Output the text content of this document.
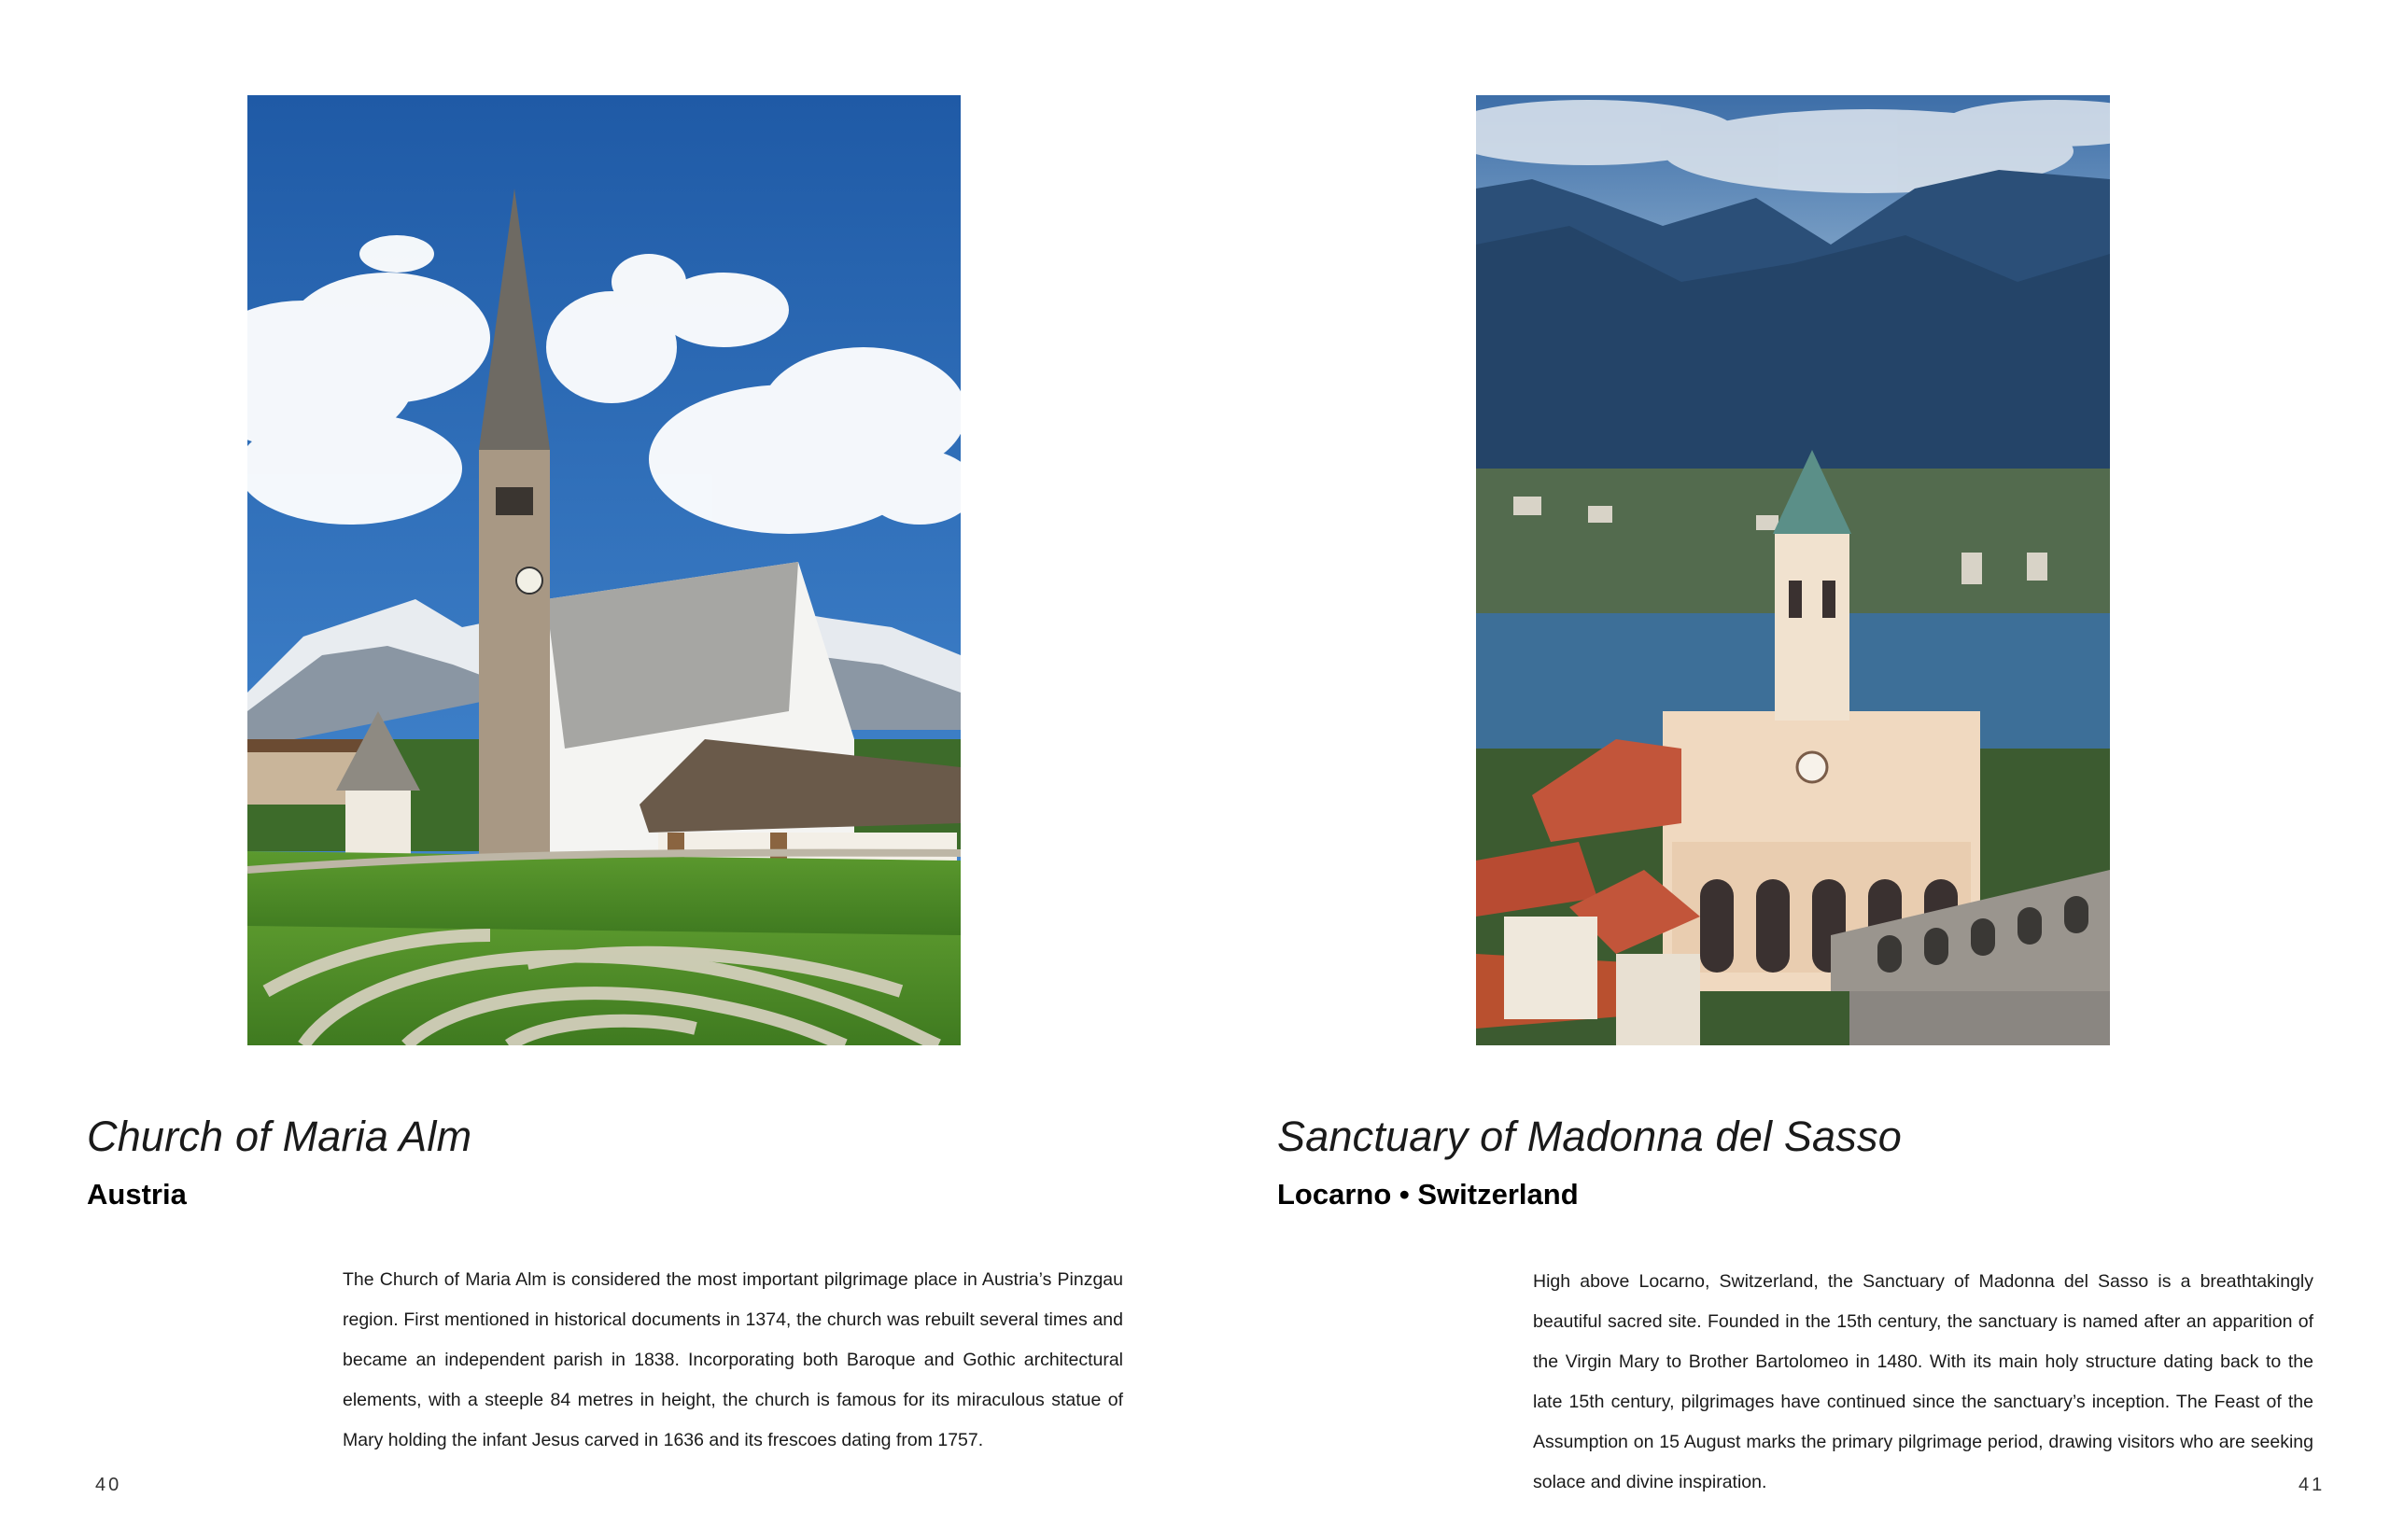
Church of Maria Alm
Austria

The Church of Maria Alm is considered the most important pilgrimage place in Austria’s Pinzgau region. First mentioned in historical documents in 1374, the church was rebuilt several times and became an independent parish in 1838. Incorporating both Baroque and Gothic architectural elements, with a steeple 84 metres in height, the church is famous for its miraculous statue of Mary holding the infant Jesus carved in 1636 and its frescoes dating from 1757.

40
Sanctuary of Madonna del Sasso
Locarno • Switzerland

High above Locarno, Switzerland, the Sanctuary of Madonna del Sasso is a breathtakingly beautiful sacred site. Founded in the 15th century, the sanctuary is named after an apparition of the Virgin Mary to Brother Bartolomeo in 1480. With its main holy structure dating back to the late 15th century, pilgrimages have continued since the sanctuary’s inception. The Feast of the Assumption on 15 August marks the primary pilgrimage period, drawing visitors who are seeking solace and divine inspiration.	41
